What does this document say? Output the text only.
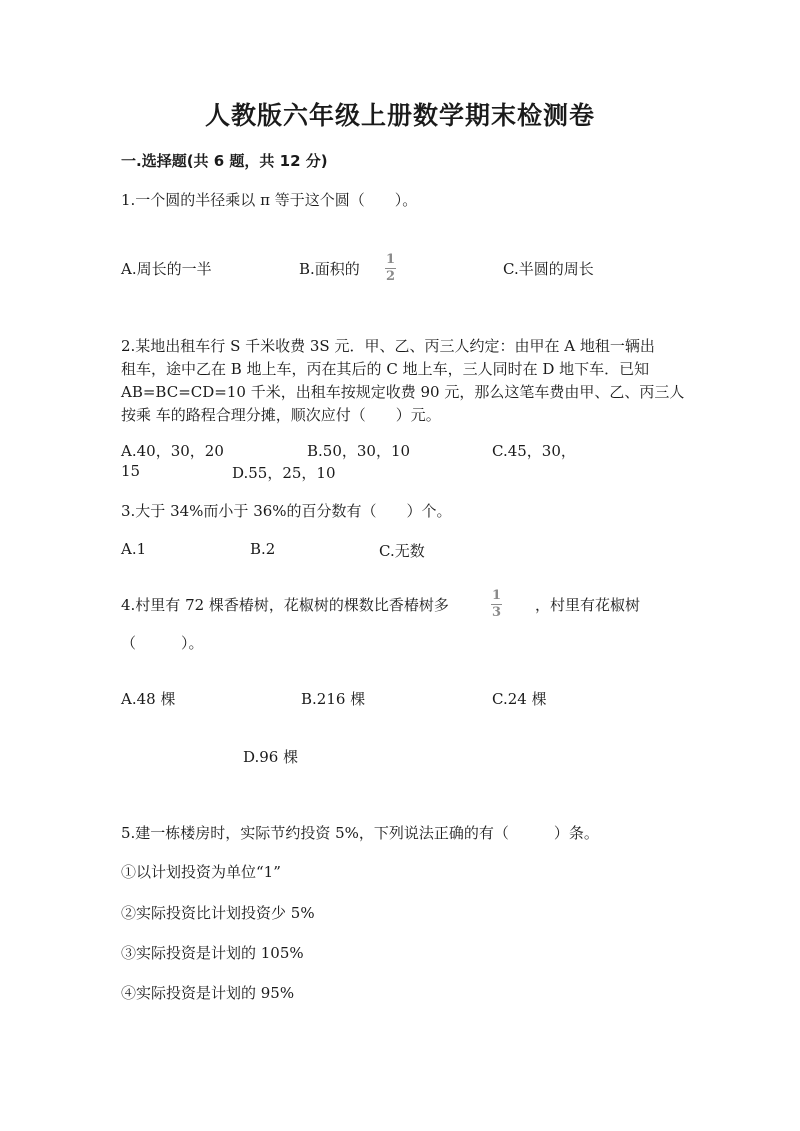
人教版六年级上册数学期末检测卷
一.选择题(共 6 题，共 12 分)
1.一个圆的半径乘以 π 等于这个圆（　　）。
A.周长的一半	B.面积的
1
2	C.半圆的周长
2.某地出租车行 S 千米收费 3S 元．甲、乙、丙三人约定：由甲在 A 地租一辆出
租车，途中乙在 B 地上车，丙在其后的 C 地上车，三人同时在 D 地下车．已知
AB=BC=CD=10 千米，出租车按规定收费 90 元，那么这笔车费由甲、乙、丙三人
按乘 车的路程合理分摊，顺次应付（　　）元。
A.40，30，20	B.50，30，10	C.45，30，
15	D.55，25，10
3.大于 34%而小于 36%的百分数有（　　）个。
A.1	B.2	C.无数
4.村里有 72 棵香椿树，花椒树的棵数比香椿树多
1
3 ，村里有花椒树
（　　　）。
A.48 棵	B.216 棵	C.24 棵
D.96 棵
5.建一栋楼房时，实际节约投资 5%，下列说法正确的有（　　　）条。
①以计划投资为单位“1”
②实际投资比计划投资少 5%
③实际投资是计划的 105%
④实际投资是计划的 95%
